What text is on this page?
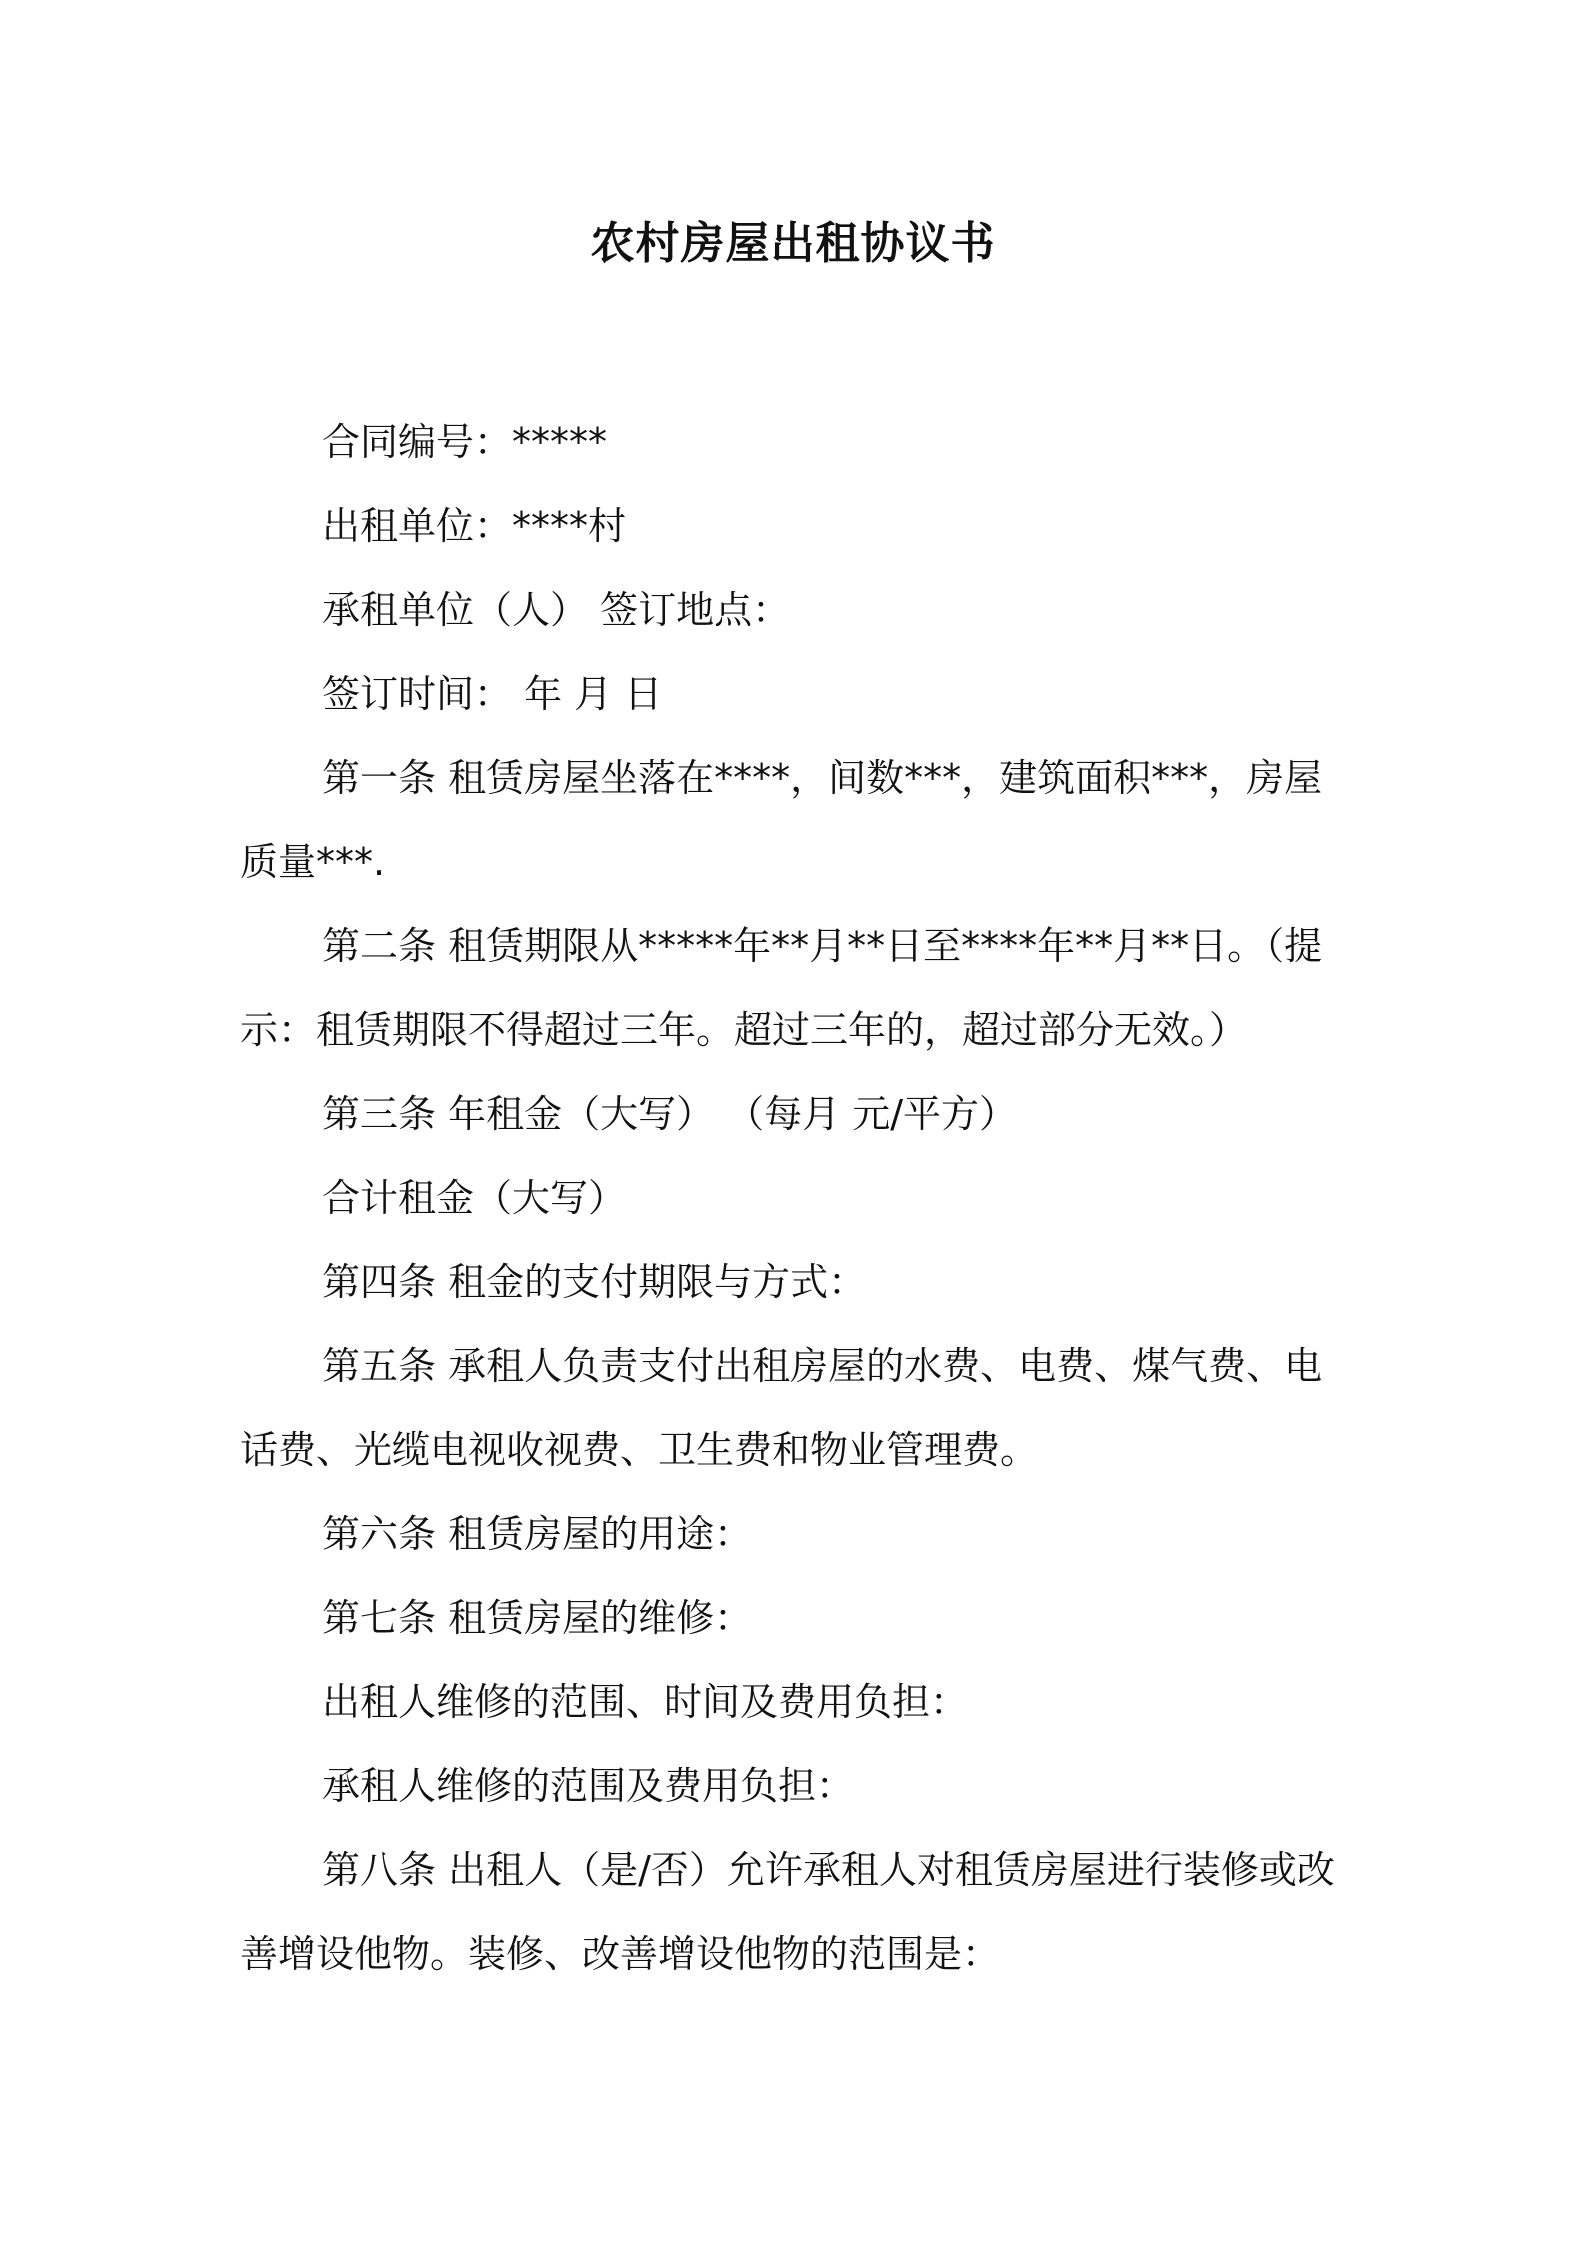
农村房屋出租协议书

合同编号：*****

出租单位：****村

承租单位（人） 签订地点：

签订时间： 年 月 日

第一条 租赁房屋坐落在****，间数***，建筑面积***，房屋质量***.

第二条 租赁期限从*****年**月**日至****年**月**日。（提示：租赁期限不得超过三年。超过三年的，超过部分无效。）

第三条 年租金（大写） （每月 元/平方）

合计租金（大写）

第四条 租金的支付期限与方式：

第五条 承租人负责支付出租房屋的水费、电费、煤气费、电话费、光缆电视收视费、卫生费和物业管理费。

第六条 租赁房屋的用途：

第七条 租赁房屋的维修：

出租人维修的范围、时间及费用负担：

承租人维修的范围及费用负担：

第八条 出租人（是/否）允许承租人对租赁房屋进行装修或改善增设他物。装修、改善增设他物的范围是：
